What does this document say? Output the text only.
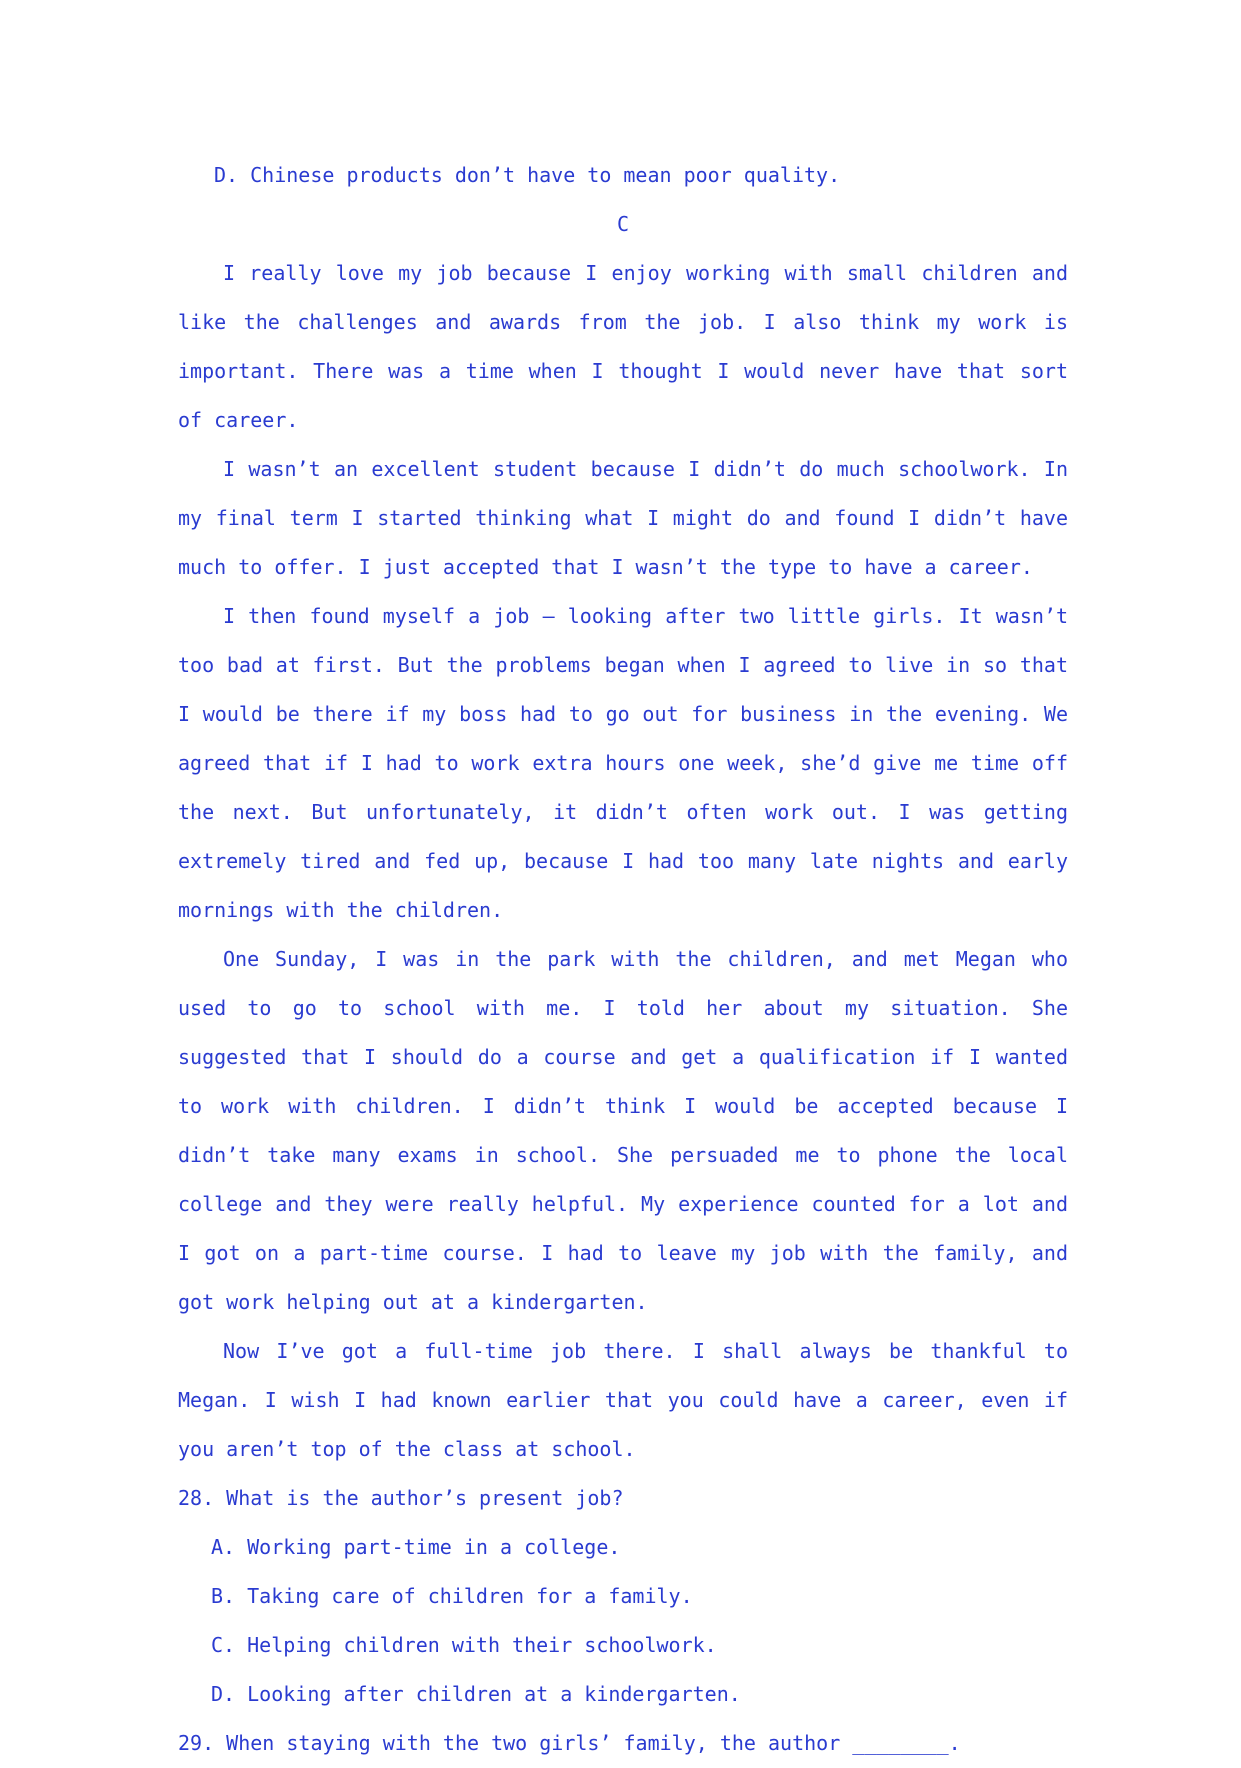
D. Chinese products don’t have to mean poor quality.
C

I really love my job because I enjoy working with small children and like the challenges and awards from the job. I also think my work is important. There was a time when I thought I would never have that sort of career.

I wasn’t an excellent student because I didn’t do much schoolwork. In my final term I started thinking what I might do and found I didn’t have much to offer. I just accepted that I wasn’t the type to have a career.

I then found myself a job — looking after two little girls. It wasn’t too bad at first. But the problems began when I agreed to live in so that I would be there if my boss had to go out for business in the evening. We agreed that if I had to work extra hours one week, she’d give me time off the next. But unfortunately, it didn’t often work out. I was getting extremely tired and fed up, because I had too many late nights and early mornings with the children.

One Sunday, I was in the park with the children, and met Megan who used to go to school with me. I told her about my situation. She suggested that I should do a course and get a qualification if I wanted to work with children. I didn’t think I would be accepted because I didn’t take many exams in school. She persuaded me to phone the local college and they were really helpful. My experience counted for a lot and I got on a part-time course. I had to leave my job with the family, and got work helping out at a kindergarten.

Now I’ve got a full-time job there. I shall always be thankful to Megan. I wish I had known earlier that you could have a career, even if you aren’t top of the class at school.

28. What is the author’s present job?
A. Working part-time in a college.
B. Taking care of children for a family.
C. Helping children with their schoolwork.
D. Looking after children at a kindergarten.
29. When staying with the two girls’ family, the author ________.
